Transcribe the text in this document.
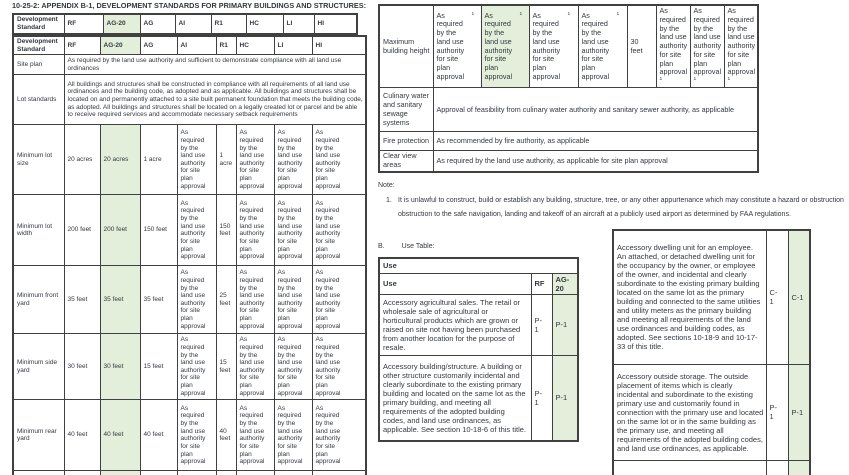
10-25-2: APPENDIX B-1, DEVELOPMENT STANDARDS FOR PRIMARY BUILDINGS AND STRUCTURES:
Development Standard	RF	AG-20	AG	AI	R1	HC	LI	HI
Development Standard	RF	AG-20	AG	AI	R1	HC	LI	HI
Site plan	As required by the land use authority and sufficient to demonstrate compliance with all land use ordinances							
Lot standards	All buildings and structures shall be constructed in compliance with all requirements of all land use ordinances and the building code, as adopted and as applicable. All buildings and structures shall be located on and permanently attached to a site built permanent foundation that meets the building code, as adopted. All buildings and structures shall be located on a legally created lot or parcel and be able to receive required services and accommodate necessary setback requirements							
Minimum lot size	20 acres	20 acres	1 acre	As required by the land use authority for site plan approval	1 acre	As required by the land use authority for site plan approval	As required by the land use authority for site plan approval	As required by the land use authority for site plan approval
Minimum lot width	200 feet	200 feet	150 feet	As required by the land use authority for site plan approval	150 feet	As required by the land use authority for site plan approval	As required by the land use authority for site plan approval	As required by the land use authority for site plan approval
Minimum front yard	35 feet	35 feet	35 feet	As required by the land use authority for site plan approval	25 feet	As required by the land use authority for site plan approval	As required by the land use authority for site plan approval	As required by the land use authority for site plan approval
Minimum side yard	30 feet	30 feet	15 feet	As required by the land use authority for site plan approval	15 feet	As required by the land use authority for site plan approval	As required by the land use authority for site plan approval	As required by the land use authority for site plan approval
Minimum rear yard	40 feet	40 feet	40 feet	As required by the land use authority for site plan approval	40 feet	As required by the land use authority for site plan approval	As required by the land use authority for site plan approval	As required by the land use authority for site plan approval

Maximum building height	As required by the land use authority for site plan approval$^1$	As required by the land use authority for site plan approval$^1$	As required by the land use authority for site plan approval$^1$	As required by the land use authority for site plan approval$^1$	30 feet	As required by the land use authority for site plan approval$^1$	As required by the land use authority for site plan approval$^1$	As required by the land use authority for site plan approval$^1$
Culinary water and sanitary sewage systems	Approval of feasibility from culinary water authority and sanitary sewer authority, as applicable							
Fire protection	As recommended by fire authority, as applicable							
Clear view areas	As required by the land use authority, as applicable for site plan approval							
Note:
1. It is unlawful to construct, build or establish any building, structure, tree, or any other appurtenance which may constitute a hazard or obstruction
obstruction to the safe navigation, landing and takeoff of an aircraft at a publicly used airport as determined by FAA regulations.
B. Use Table:
Use		
Use	RF	AG-20
Accessory agricultural sales. The retail or wholesale sale of agricultural or horticultural products which are grown or raised on site not having been purchased from another location for the purpose of resale.	P-1	P-1
Accessory building/structure. A building or other structure customarily incidental and clearly subordinate to the existing primary building and located on the same lot as the primary building, and meeting all requirements of the adopted building codes, and land use ordinances, as applicable. See section 10-18-6 of this title.	P-1	P-1
Accessory dwelling unit for an employee. An attached, or detached dwelling unit for the occupancy by the owner, or employee of the owner, and incidental and clearly subordinate to the existing primary building located on the same lot as the primary building and connected to the same utilities and utility meters as the primary building and meeting all requirements of the land use ordinances and building codes, as adopted. See sections 10-18-9 and 10-17-33 of this title.	C-1	C-1
Accessory outside storage. The outside placement of items which is clearly incidental and subordinate to the existing primary use and customarily found in connection with the primary use and located on the same lot or in the same building as the primary use, and meeting all requirements of the adopted building codes, and land use ordinances, as applicable.	P-1	P-1
